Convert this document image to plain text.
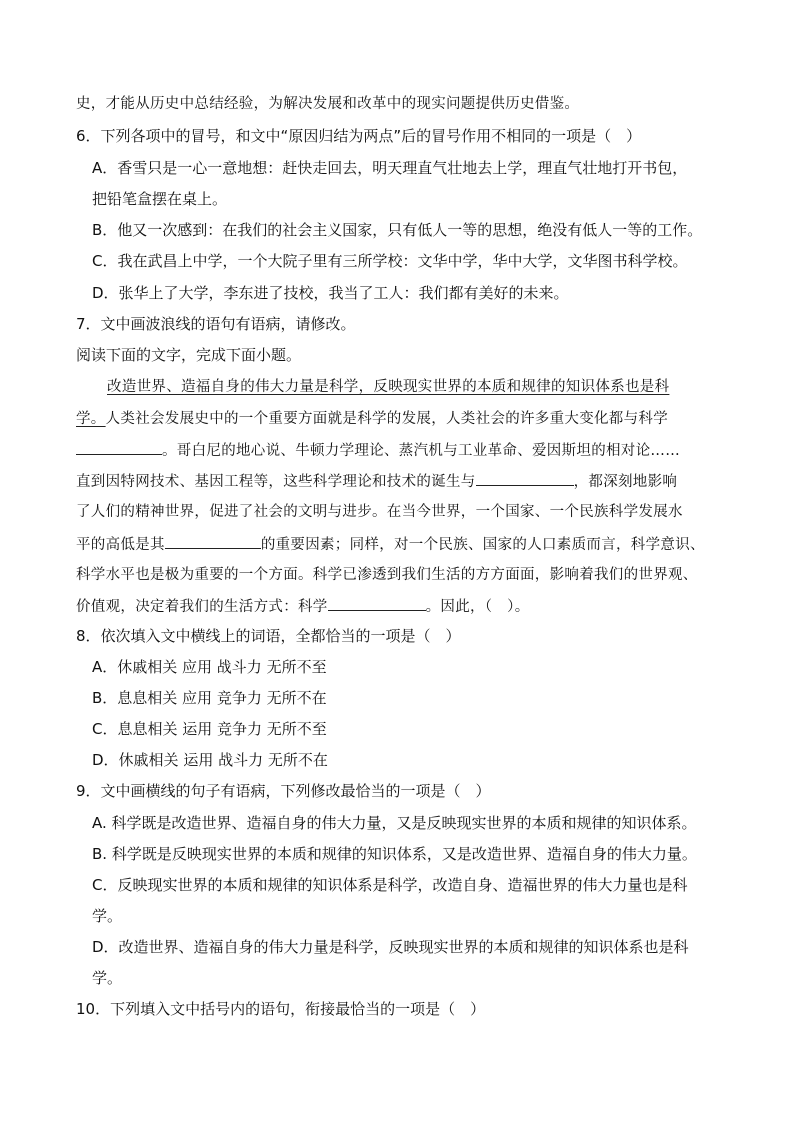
史，才能从历史中总结经验，为解决发展和改革中的现实问题提供历史借鉴。
6．下列各项中的冒号，和文中“原因归结为两点”后的冒号作用不相同的一项是（　）
A．香雪只是一心一意地想：赶快走回去，明天理直气壮地去上学，理直气壮地打开书包，
把铅笔盒摆在桌上。
B．他又一次感到：在我们的社会主义国家，只有低人一等的思想，绝没有低人一等的工作。
C．我在武昌上中学，一个大院子里有三所学校：文华中学，华中大学，文华图书科学校。
D．张华上了大学，李东进了技校，我当了工人：我们都有美好的未来。
7．文中画波浪线的语句有语病，请修改。
阅读下面的文字，完成下面小题。
改造世界、造福自身的伟大力量是科学，反映现实世界的本质和规律的知识体系也是科
学。人类社会发展史中的一个重要方面就是科学的发展，人类社会的许多重大变化都与科学
。哥白尼的地心说、牛顿力学理论、蒸汽机与工业革命、爱因斯坦的相对论……
直到因特网技术、基因工程等，这些科学理论和技术的诞生与	，都深刻地影响
了人们的精神世界，促进了社会的文明与进步。在当今世界，一个国家、一个民族科学发展水
平的高低是其	的重要因素；同样，对一个民族、国家的人口素质而言，科学意识、
科学水平也是极为重要的一个方面。科学已渗透到我们生活的方方面面，影响着我们的世界观、
价值观，决定着我们的生活方式：科学	。因此，（　）。
8．依次填入文中横线上的词语，全都恰当的一项是（　）
A．休戚相关 应用 战斗力 无所不至
B．息息相关 应用 竞争力 无所不在
C．息息相关 运用 竞争力 无所不至
D．休戚相关 运用 战斗力 无所不在
9．文中画横线的句子有语病，下列修改最恰当的一项是（　）
A. 科学既是改造世界、造福自身的伟大力量，又是反映现实世界的本质和规律的知识体系。
B. 科学既是反映现实世界的本质和规律的知识体系，又是改造世界、造福自身的伟大力量。
C．反映现实世界的本质和规律的知识体系是科学，改造自身、造福世界的伟大力量也是科
学。
D．改造世界、造福自身的伟大力量是科学，反映现实世界的本质和规律的知识体系也是科
学。
10．下列填入文中括号内的语句，衔接最恰当的一项是（　）
